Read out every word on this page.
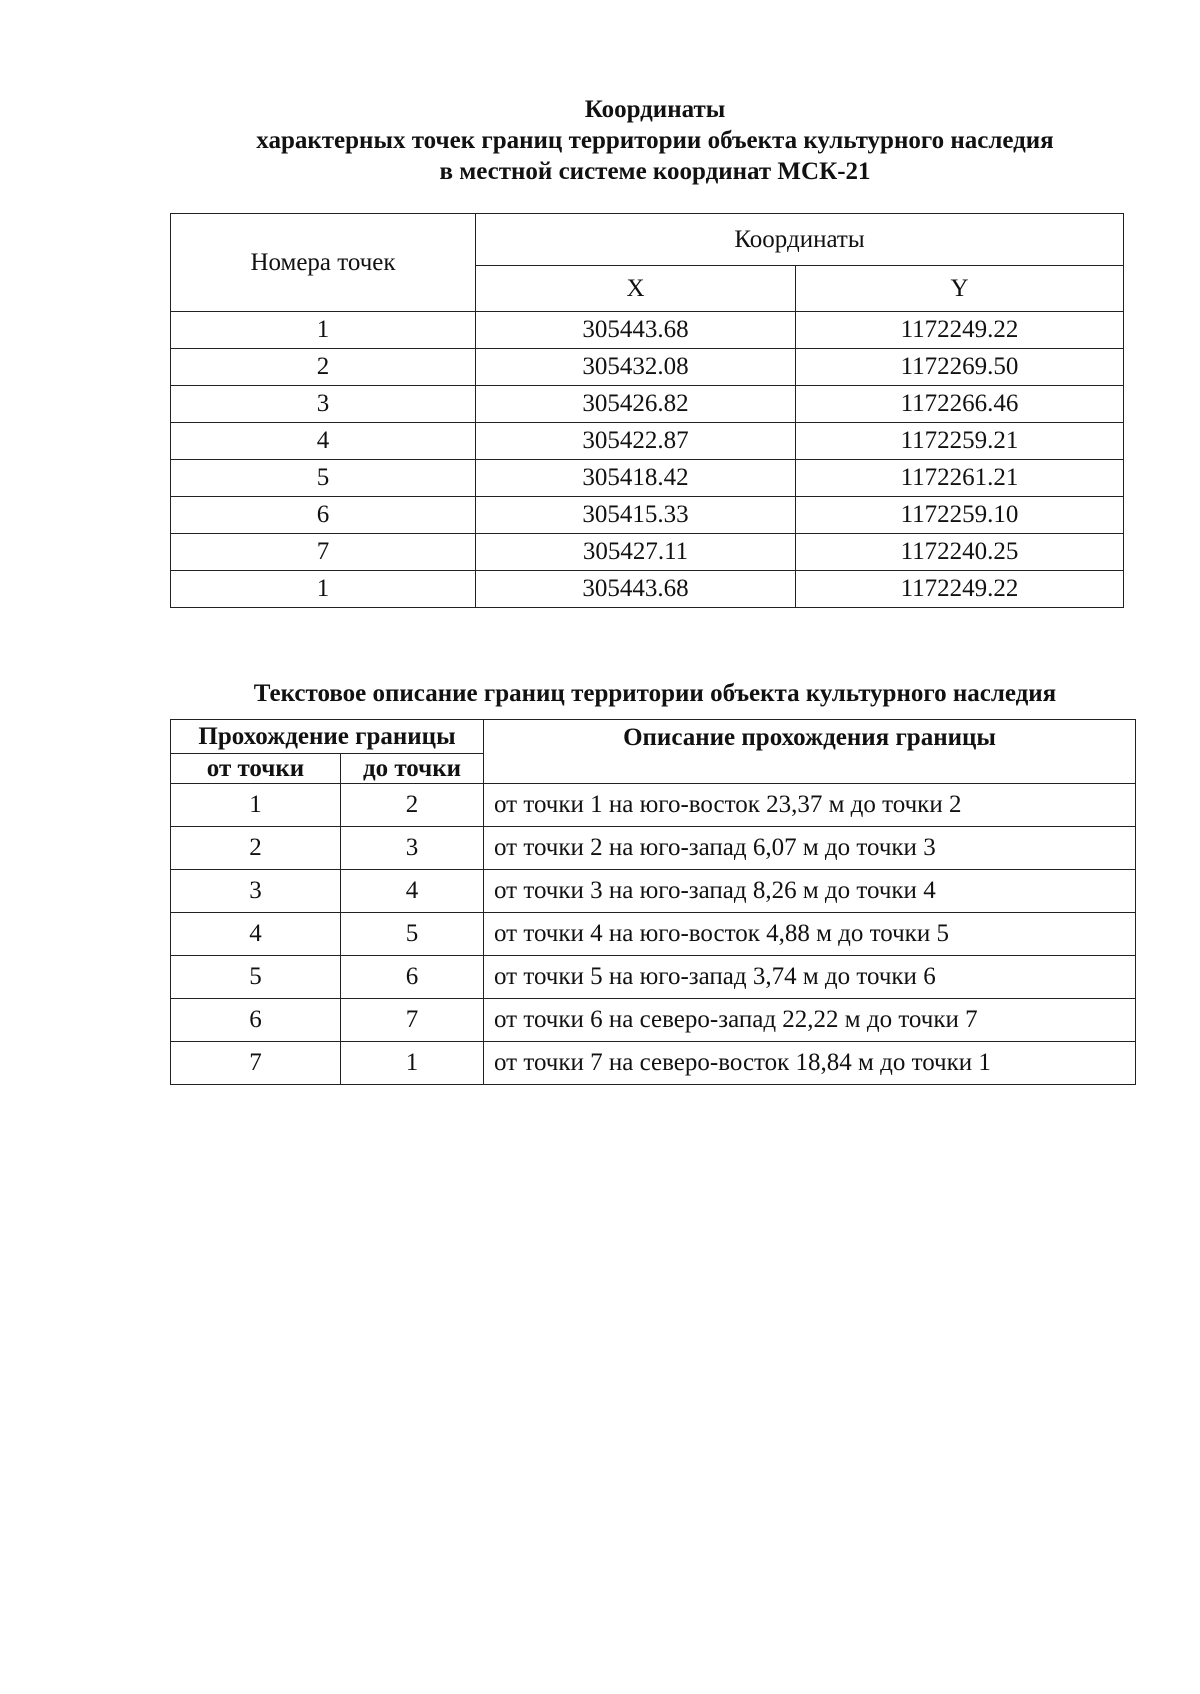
Координаты
характерных точек границ территории объекта культурного наследия
в местной системе координат МСК-21
Номера точек	Координаты	
	X	Y
1	305443.68	1172249.22
2	305432.08	1172269.50
3	305426.82	1172266.46
4	305422.87	1172259.21
5	305418.42	1172261.21
6	305415.33	1172259.10
7	305427.11	1172240.25
1	305443.68	1172249.22
Текстовое описание границ территории объекта культурного наследия
Прохождение границы		Описание прохождения границы
от точки	до точки	
1	2	от точки 1 на юго-восток 23,37 м до точки 2
2	3	от точки 2 на юго-запад 6,07 м до точки 3
3	4	от точки 3 на юго-запад 8,26 м до точки 4
4	5	от точки 4 на юго-восток 4,88 м до точки 5
5	6	от точки 5 на юго-запад 3,74 м до точки 6
6	7	от точки 6 на северо-запад 22,22 м до точки 7
7	1	от точки 7 на северо-восток 18,84 м до точки 1
